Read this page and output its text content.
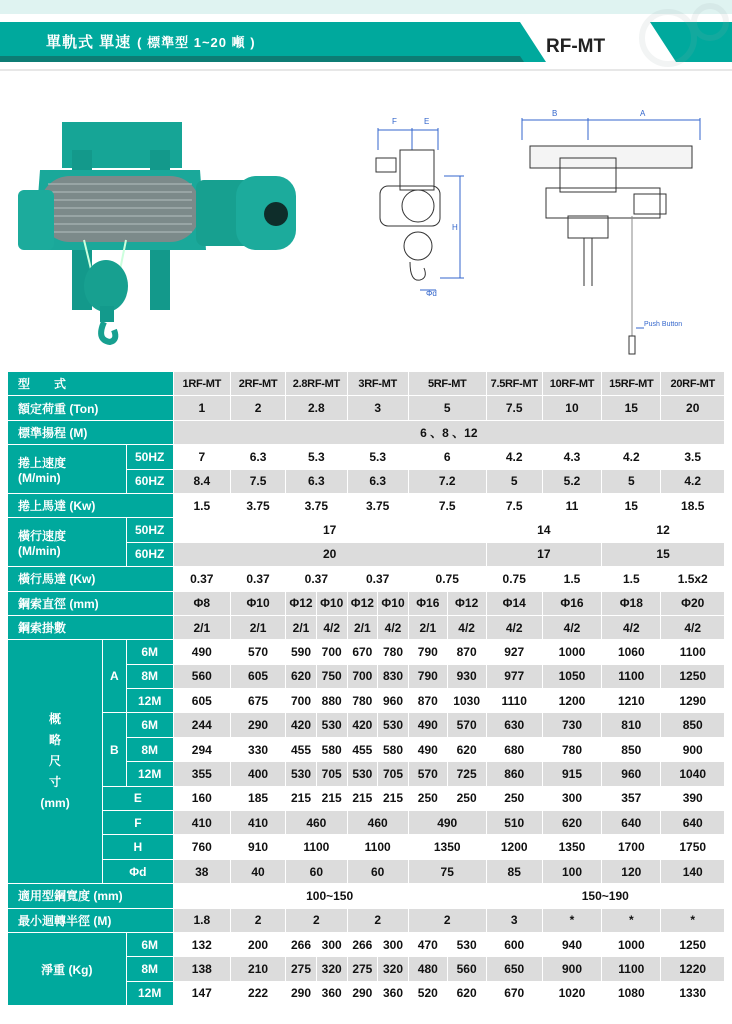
單軌式 單速 ( 標準型 1~20 噸 )	RF-MT
F	E
H
Φd
B	A
Push Button
型　　式			1RF-MT	2RF-MT	2.8RF-MT		3RF-MT		5RF-MT		7.5RF-MT	10RF-MT	15RF-MT	20RF-MT
額定荷重 (Ton)			1	2	2.8		3		5		7.5	10	15	20
標準揚程 (M)			6 、8 、12											
捲上速度
(M/min)		50HZ	7	6.3	5.3		5.3		6		4.2	4.3	4.2	3.5
		60HZ	8.4	7.5	6.3		6.3		7.2		5	5.2	5	4.2
捲上馬達 (Kw)			1.5	3.75	3.75		3.75		7.5		7.5	11	15	18.5
橫行速度
(M/min)		50HZ	17								14		12	
		60HZ	20								17		15	
橫行馬達 (Kw)			0.37	0.37	0.37		0.37		0.75		0.75	1.5	1.5	1.5x2
鋼索直徑 (mm)			Φ8	Φ10	Φ12	Φ10	Φ12	Φ10	Φ16	Φ12	Φ14	Φ16	Φ18	Φ20
鋼索掛數			2/1	2/1	2/1	4/2	2/1	4/2	2/1	4/2	4/2	4/2	4/2	4/2
概
略
尺
寸
(mm)	A	6M	490	570	590	700	670	780	790	870	927	1000	1060	1100
		8M	560	605	620	750	700	830	790	930	977	1050	1100	1250
		12M	605	675	700	880	780	960	870	1030	1110	1200	1210	1290
	B	6M	244	290	420	530	420	530	490	570	630	730	810	850
		8M	294	330	455	580	455	580	490	620	680	780	850	900
		12M	355	400	530	705	530	705	570	725	860	915	960	1040
	E		160	185	215	215	215	215	250	250	250	300	357	390
	F		410	410	460		460		490		510	620	640	640
	H		760	910	1100		1100		1350		1200	1350	1700	1750
	Φd		38	40	60		60		75		85	100	120	140
適用型鋼寬度 (mm)			100~150								150~190			
最小迴轉半徑 (M)			1.8	2	2		2		2		3	*	*	*
淨重 (Kg)		6M	132	200	266	300	266	300	470	530	600	940	1000	1250
		8M	138	210	275	320	275	320	480	560	650	900	1100	1220
		12M	147	222	290	360	290	360	520	620	670	1020	1080	1330
